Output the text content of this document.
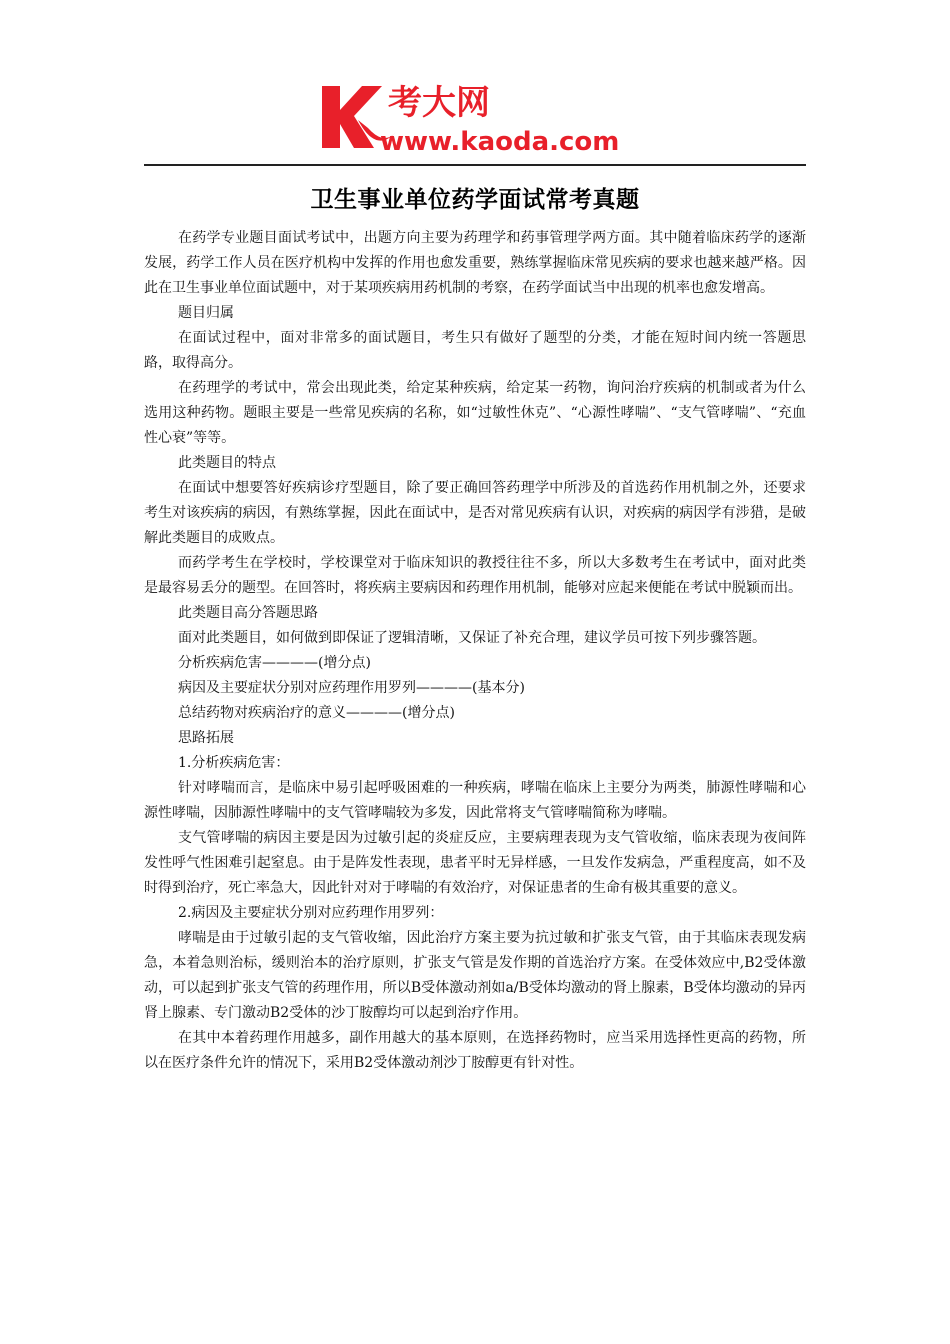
考大网
www.kaoda.com
卫生事业单位药学面试常考真题

在药学专业题目面试考试中，出题方向主要为药理学和药事管理学两方面。其中随着临床药学的逐渐发展，药学工作人员在医疗机构中发挥的作用也愈发重要，熟练掌握临床常见疾病的要求也越来越严格。因此在卫生事业单位面试题中，对于某项疾病用药机制的考察，在药学面试当中出现的机率也愈发增高。

题目归属

在面试过程中，面对非常多的面试题目，考生只有做好了题型的分类，才能在短时间内统一答题思路，取得高分。

在药理学的考试中，常会出现此类，给定某种疾病，给定某一药物，询问治疗疾病的机制或者为什么选用这种药物。题眼主要是一些常见疾病的名称，如“过敏性休克”、“心源性哮喘”、“支气管哮喘”、“充血性心衰”等等。

此类题目的特点

在面试中想要答好疾病诊疗型题目，除了要正确回答药理学中所涉及的首选药作用机制之外，还要求考生对该疾病的病因，有熟练掌握，因此在面试中，是否对常见疾病有认识，对疾病的病因学有涉猎，是破解此类题目的成败点。

而药学考生在学校时，学校课堂对于临床知识的教授往往不多，所以大多数考生在考试中，面对此类是最容易丢分的题型。在回答时，将疾病主要病因和药理作用机制，能够对应起来便能在考试中脱颖而出。

此类题目高分答题思路

面对此类题目，如何做到即保证了逻辑清晰，又保证了补充合理，建议学员可按下列步骤答题。

分析疾病危害————(增分点)

病因及主要症状分别对应药理作用罗列————(基本分)

总结药物对疾病治疗的意义————(增分点)

思路拓展

1.分析疾病危害：

针对哮喘而言，是临床中易引起呼吸困难的一种疾病，哮喘在临床上主要分为两类，肺源性哮喘和心源性哮喘，因肺源性哮喘中的支气管哮喘较为多发，因此常将支气管哮喘简称为哮喘。

支气管哮喘的病因主要是因为过敏引起的炎症反应，主要病理表现为支气管收缩，临床表现为夜间阵发性呼气性困难引起窒息。由于是阵发性表现，患者平时无异样感，一旦发作发病急，严重程度高，如不及时得到治疗，死亡率急大，因此针对对于哮喘的有效治疗，对保证患者的生命有极其重要的意义。

2.病因及主要症状分别对应药理作用罗列：

哮喘是由于过敏引起的支气管收缩，因此治疗方案主要为抗过敏和扩张支气管，由于其临床表现发病急，本着急则治标，缓则治本的治疗原则，扩张支气管是发作期的首选治疗方案。在受体效应中,B2受体激动，可以起到扩张支气管的药理作用，所以B受体激动剂如a/B受体均激动的肾上腺素，B受体均激动的异丙肾上腺素、专门激动B2受体的沙丁胺醇均可以起到治疗作用。

在其中本着药理作用越多，副作用越大的基本原则，在选择药物时，应当采用选择性更高的药物，所以在医疗条件允许的情况下，采用B2受体激动剂沙丁胺醇更有针对性。
